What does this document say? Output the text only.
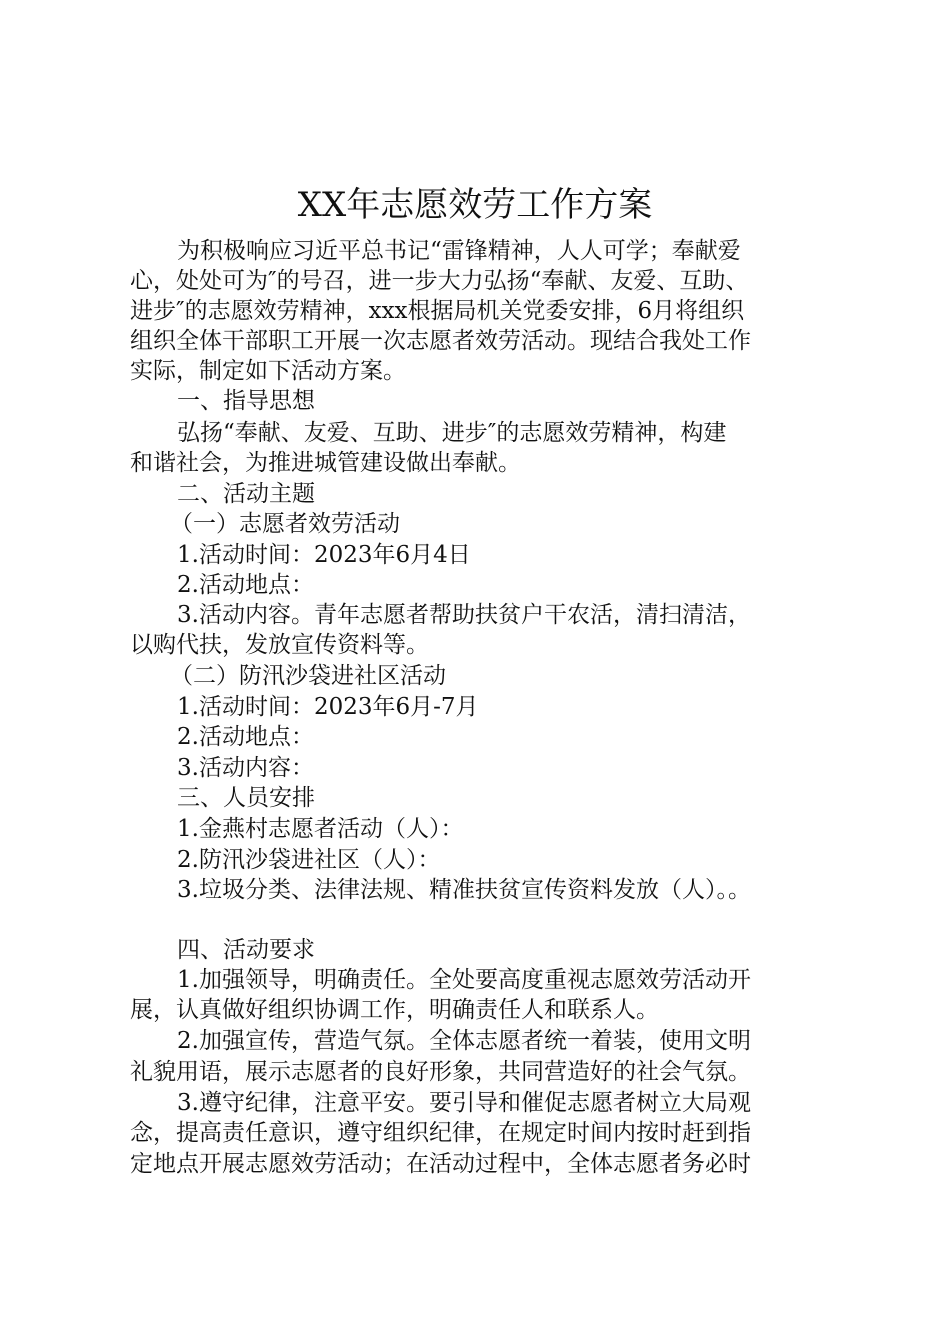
XX年志愿效劳工作方案
为积极响应习近平总书记“雷锋精神，人人可学；奉献爱
心，处处可为″的号召，进一步大力弘扬“奉献、友爱、互助、
进步″的志愿效劳精神，xxx根据局机关党委安排，6月将组织
组织全体干部职工开展一次志愿者效劳活动。现结合我处工作
实际，制定如下活动方案。
一、指导思想
弘扬“奉献、友爱、互助、进步″的志愿效劳精神，构建
和谐社会，为推进城管建设做出奉献。
二、活动主题
（一）志愿者效劳活动
1.活动时间：2023年6月4日
2.活动地点：
3.活动内容。青年志愿者帮助扶贫户干农活，清扫清洁，
以购代扶，发放宣传资料等。
（二）防汛沙袋进社区活动
1.活动时间：2023年6月-7月
2.活动地点：
3.活动内容：
三、人员安排
1.金燕村志愿者活动（人）：
2.防汛沙袋进社区（人）：
3.垃圾分类、法律法规、精准扶贫宣传资料发放（人）。。
四、活动要求
1.加强领导，明确责任。全处要高度重视志愿效劳活动开
展，认真做好组织协调工作，明确责任人和联系人。
2.加强宣传，营造气氛。全体志愿者统一着装，使用文明
礼貌用语，展示志愿者的良好形象，共同营造好的社会气氛。
3.遵守纪律，注意平安。要引导和催促志愿者树立大局观
念，提高责任意识，遵守组织纪律，在规定时间内按时赶到指
定地点开展志愿效劳活动；在活动过程中，全体志愿者务必时
